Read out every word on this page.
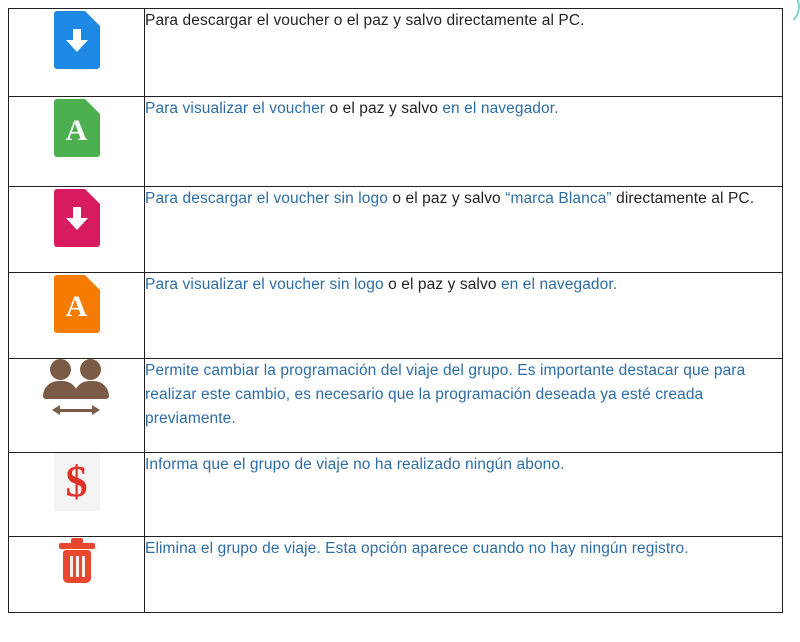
	Para descargar el voucher o el paz y salvo directamente al PC.

A	Para visualizar el voucher o el paz y salvo en el navegador.

	Para descargar el voucher sin logo o el paz y salvo “marca Blanca” directamente al PC.

A	Para visualizar el voucher sin logo o el paz y salvo en el navegador.

	Permite cambiar la programación del viaje del grupo. Es importante destacar que para realizar este cambio, es necesario que la programación deseada ya esté creada previamente.

$	Informa que el grupo de viaje no ha realizado ningún abono.

	Elimina el grupo de viaje. Esta opción aparece cuando no hay ningún registro.
